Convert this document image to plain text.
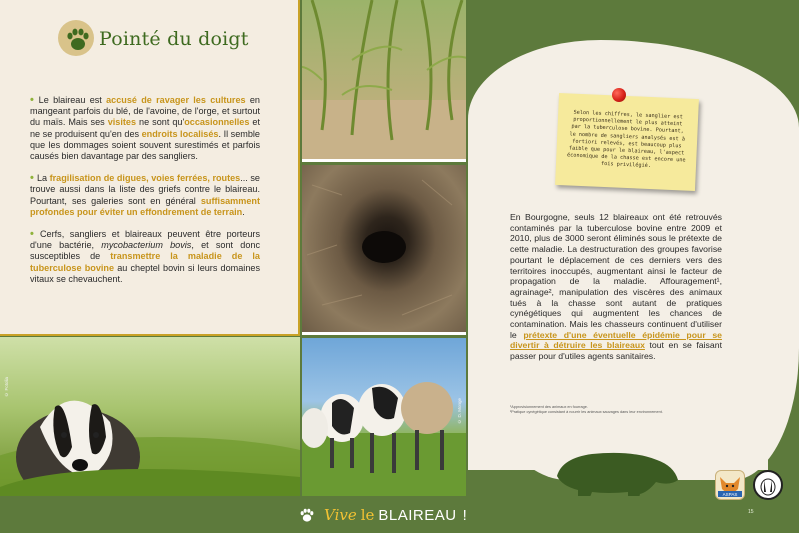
Pointé du doigt

• Le blaireau est accusé de ravager les cultures en mangeant parfois du blé, de l'avoine, de l'orge, et surtout du maïs. Mais ses visites ne sont qu'occasionnelles et ne se produisent qu'en des endroits localisés. Il semble que les dommages soient souvent surestimés et parfois causés bien davantage par des sangliers.

• La fragilisation de digues, voies ferrées, routes... se trouve aussi dans la liste des griefs contre le blaireau. Pourtant, ses galeries sont en général suffisamment profondes pour éviter un effondrement de terrain.

• Cerfs, sangliers et blaireaux peuvent être porteurs d'une bactérie, mycobacterium bovis, et sont donc susceptibles de transmettre la maladie de la tuberculose bovine au cheptel bovin si leurs domaines vitaux se chevauchent.

© Fotolia
© D. Monge
Selon les chiffres, le sanglier est proportionnellement le plus atteint par la tuberculose bovine. Pourtant, le nombre de sangliers analysés est à fortiori relevés, est beaucoup plus faible que pour le blaireau, l'aspect économique de la chasse est encore une fois privilégié.
En Bourgogne, seuls 12 blaireaux ont été retrouvés contaminés par la tuberculose bovine entre 2009 et 2010, plus de 3000 seront éliminés sous le prétexte de cette maladie. La destructuration des groupes favorise pourtant le déplacement de ces derniers vers des territoires inoccupés, augmentant ainsi le facteur de propagation de la maladie. Affouragement¹, agrainage², manipulation des viscères des animaux tués à la chasse sont autant de pratiques cynégétiques qui augmentent les chances de contamination. Mais les chasseurs continuent d'utiliser le prétexte d'une éventuelle épidémie pour se divertir à détruire les blaireaux tout en se faisant passer pour d'utiles agents sanitaires.
¹Approvisionnement des animaux en fourrage.
²Pratique cynégétique consistant à nourrir les animaux sauvages dans leur environnement.
Vive le BLAIREAU !
ASPAS
15
